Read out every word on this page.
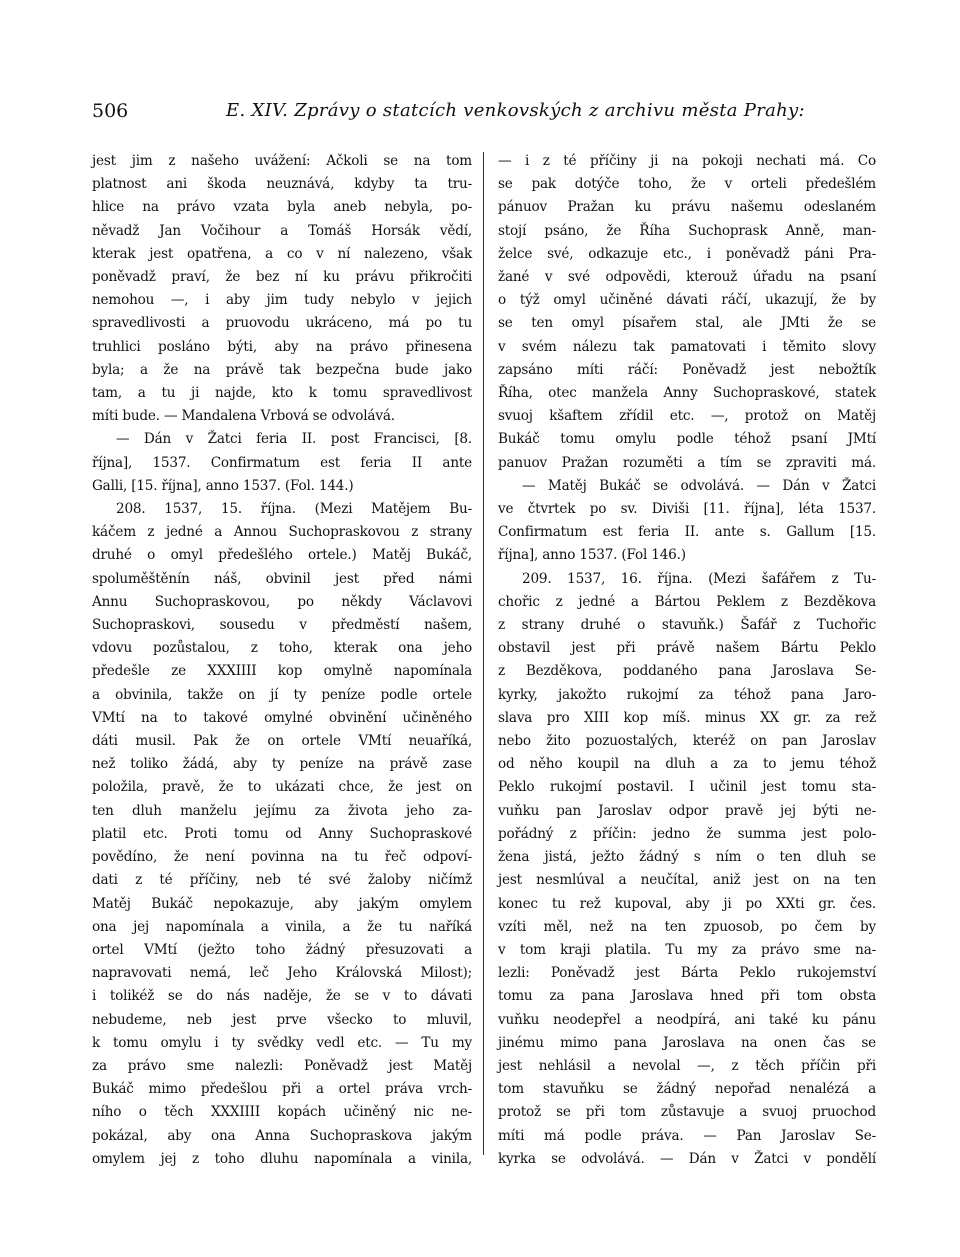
506	E. XIV. Zprávy o statcích venkovských z archivu města Prahy:
jest jim z našeho uvážení: Ačkoli se na tom
platnost ani škoda neuznává, kdyby ta tru-
hlice na právo vzata byla aneb nebyla, po-
něvadž Jan Vočihour a Tomáš Horsák vědí,
kterak jest opatřena, a co v ní nalezeno, však
poněvadž praví, že bez ní ku právu přikročiti
nemohou —, i aby jim tudy nebylo v jejich
spravedlivosti a pruovodu ukráceno, má po tu
truhlici posláno býti, aby na právo přinesena
byla; a že na právě tak bezpečna bude jako
tam, a tu ji najde, kto k tomu spravedlivost
míti bude. — Mandalena Vrbová se odvolává.
— Dán v Žatci feria II. post Francisci, [8.
října], 1537. Confirmatum est feria II ante
Galli, [15. října], anno 1537. (Fol. 144.)
208. 1537, 15. října. (Mezi Matějem Bu-
káčem z jedné a Annou Suchopraskovou z strany
druhé o omyl předešlého ortele.) Matěj Bukáč,
spoluměštěnín náš, obvinil jest před námi
Annu Suchopraskovou, po někdy Václavovi
Suchopraskovi, sousedu v předměstí našem,
vdovu pozůstalou, z toho, kterak ona jeho
předešle ze XXXIIII kop omylně napomínala
a obvinila, takže on jí ty peníze podle ortele
VMtí na to takové omylné obvinění učiněného
dáti musil. Pak že on ortele VMtí neuaříká,
než toliko žádá, aby ty peníze na právě zase
položila, pravě, že to ukázati chce, že jest on
ten dluh manželu jejímu za života jeho za-
platil etc. Proti tomu od Anny Suchopraskové
povědíno, že není povinna na tu řeč odpoví-
dati z té příčiny, neb té své žaloby ničímž
Matěj Bukáč nepokazuje, aby jakým omylem
ona jej napomínala a vinila, a že tu naříká
ortel VMtí (ježto toho žádný přesuzovati a
napravovati nemá, leč Jeho Královská Milost);
i tolikéž se do nás naděje, že se v to dávati
nebudeme, neb jest prve všecko to mluvil,
k tomu omylu i ty svědky vedl etc. — Tu my
za právo sme nalezli: Poněvadž jest Matěj
Bukáč mimo předešlou při a ortel práva vrch-
ního o těch XXXIIII kopách učiněný nic ne-
pokázal, aby ona Anna Suchopraskova jakým
omylem jej z toho dluhu napomínala a vinila,
— i z té příčiny ji na pokoji nechati má. Co
se pak dotýče toho, že v orteli předešlém
pánuov Pražan ku právu našemu odeslaném
stojí psáno, že Říha Suchoprask Anně, man-
želce své, odkazuje etc., i poněvadž páni Pra-
žané v své odpovědi, kterouž úřadu na psaní
o týž omyl učiněné dávati ráčí, ukazují, že by
se ten omyl písařem stal, ale JMti že se
v svém nálezu tak pamatovati i těmito slovy
zapsáno míti ráčí: Poněvadž jest nebožtík
Říha, otec manžela Anny Suchopraskové, statek
svuoj kšaftem zřídil etc. —, protož on Matěj
Bukáč tomu omylu podle téhož psaní JMtí
panuov Pražan rozuměti a tím se zpraviti má.
— Matěj Bukáč se odvolává. — Dán v Žatci
ve čtvrtek po sv. Diviši [11. října], léta 1537.
Confirmatum est feria II. ante s. Gallum [15.
října], anno 1537. (Fol 146.)
209. 1537, 16. října. (Mezi šafářem z Tu-
chořic z jedné a Bártou Peklem z Bezděkova
z strany druhé o stavuňk.) Šafář z Tuchořic
obstavil jest při právě našem Bártu Peklo
z Bezděkova, poddaného pana Jaroslava Se-
kyrky, jakožto rukojmí za téhož pana Jaro-
slava pro XIII kop míš. minus XX gr. za rež
nebo žito pozuostalých, kteréž on pan Jaroslav
od něho koupil na dluh a za to jemu téhož
Peklo rukojmí postavil. I učinil jest tomu sta-
vuňku pan Jaroslav odpor pravě jej býti ne-
pořádný z příčin: jedno že summa jest polo-
žena jistá, ježto žádný s ním o ten dluh se
jest nesmlúval a neučítal, aniž jest on na ten
konec tu rež kupoval, aby ji po XXti gr. čes.
vzíti měl, než na ten zpuosob, po čem by
v tom kraji platila. Tu my za právo sme na-
lezli: Poněvadž jest Bárta Peklo rukojemství
tomu za pana Jaroslava hned při tom obsta
vuňku neodepřel a neodpírá, ani také ku pánu
jinému mimo pana Jaroslava na onen čas se
jest nehlásil a nevolal —, z těch příčin při
tom stavuňku se žádný nepořad nenalézá a
protož se při tom zůstavuje a svuoj pruochod
míti má podle práva. — Pan Jaroslav Se-
kyrka se odvolává. — Dán v Žatci v pondělí
